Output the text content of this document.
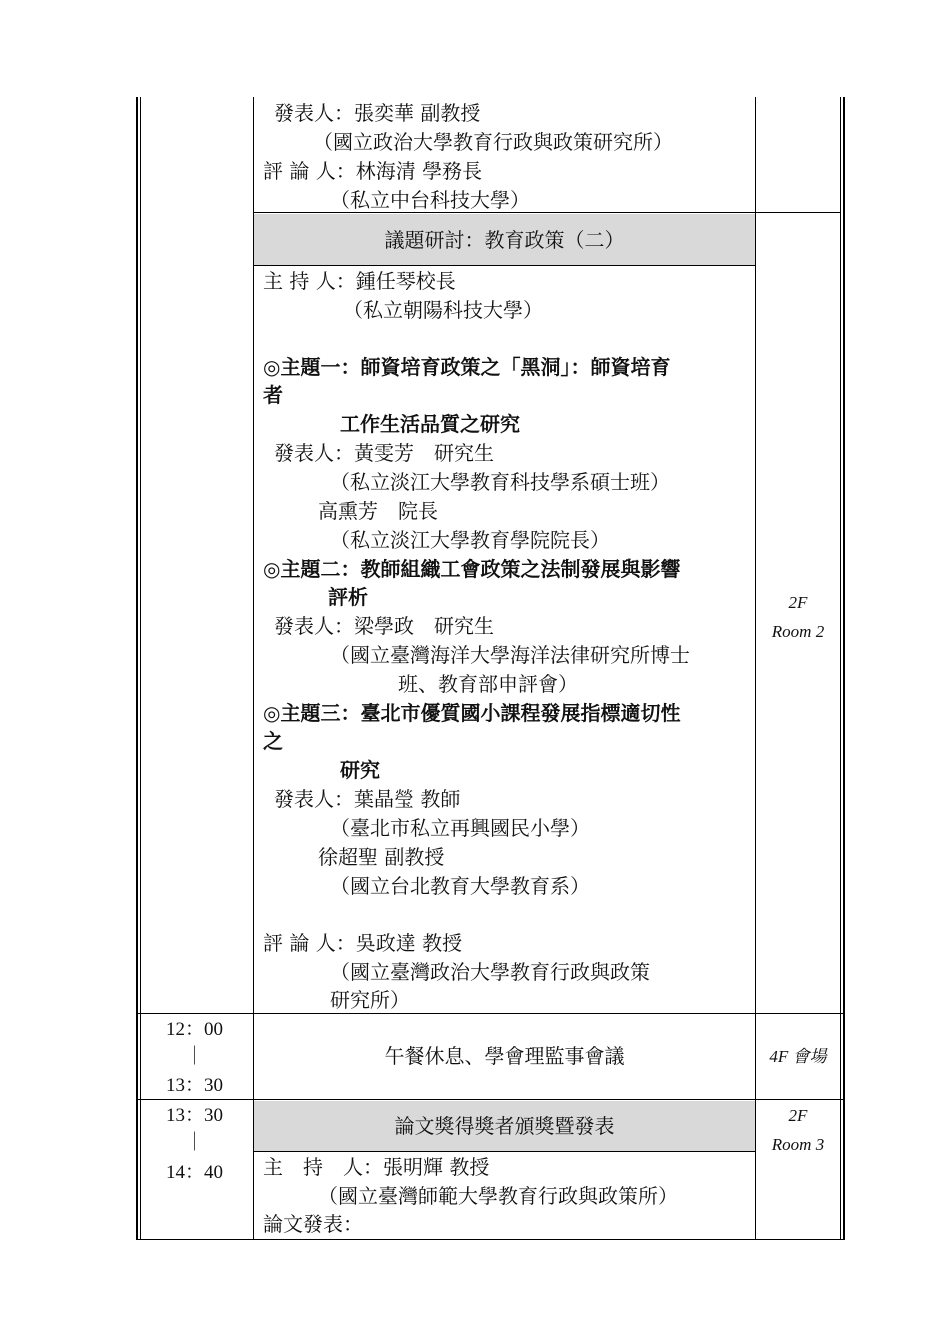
發表人：張奕華 副教授
（國立政治大學教育行政與政策研究所）
評 論 人：林海清 學務長
（私立中台科技大學）
議題研討：教育政策（二）
主 持 人：鍾任琴校長
（私立朝陽科技大學）
◎主題一：師資培育政策之「黑洞」：師資培育
者
工作生活品質之研究
發表人：黃雯芳　研究生
（私立淡江大學教育科技學系碩士班）
高熏芳　院長
（私立淡江大學教育學院院長）
◎主題二：教師組織工會政策之法制發展與影響
評析
發表人：梁學政　研究生
（國立臺灣海洋大學海洋法律研究所博士
班、教育部申評會）
◎主題三：臺北市優質國小課程發展指標適切性
之
研究
發表人：葉晶瑩 教師
（臺北市私立再興國民小學）
徐超聖 副教授
（國立台北教育大學教育系）
評 論 人：吳政達 教授
（國立臺灣政治大學教育行政與政策
研究所）
2F
Room 2
12：00
｜
13：30
午餐休息、學會理監事會議	4F 會場
13：30
｜
14：40
論文獎得獎者頒獎暨發表	2F
Room 3
主　持　人：張明輝 教授
（國立臺灣師範大學教育行政與政策所）
論文發表：
